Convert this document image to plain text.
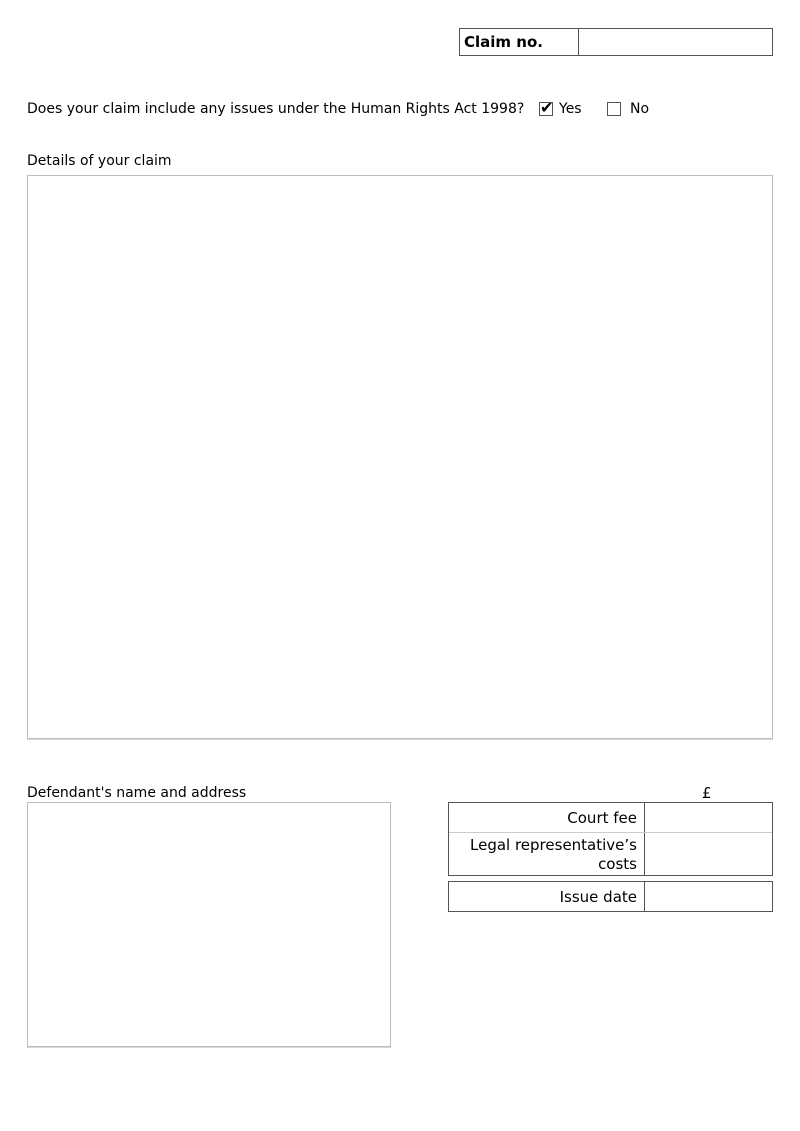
Claim no.
Does your claim include any issues under the Human Rights Act 1998? ✔ Yes	No
Details of your claim
Defendant's name and address	£
Court fee
Legal representative’s
costs
Issue date
